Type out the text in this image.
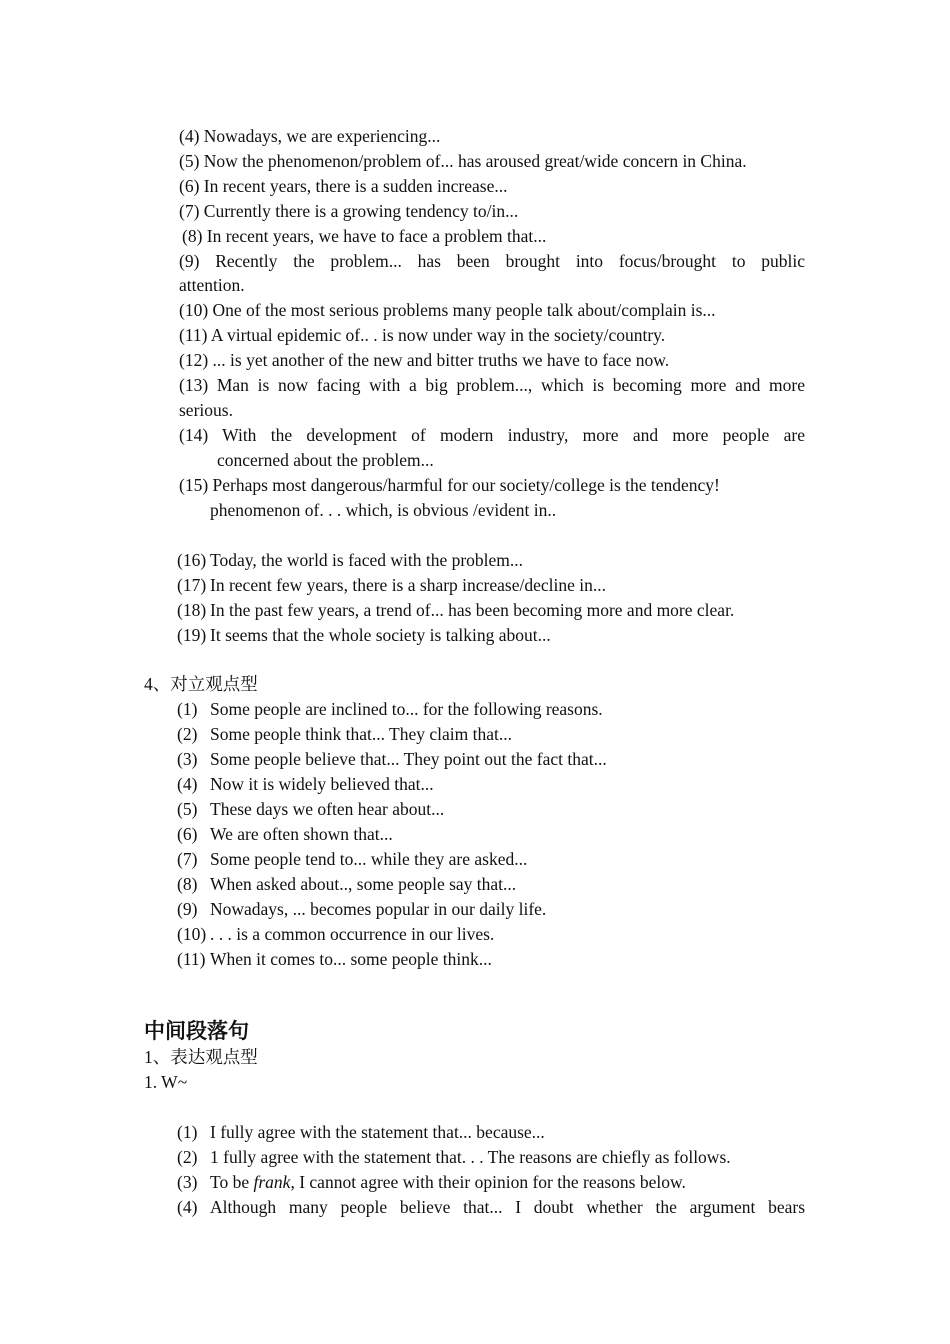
(4) Nowadays, we are experiencing...
(5) Now the phenomenon/problem of... has aroused great/wide concern in China.
(6) In recent years, there is a sudden increase...
(7) Currently there is a growing tendency to/in...
(8) In recent years, we have to face a problem that...
(9) Recently the problem... has been brought into focus/brought to public
attention.
(10) One of the most serious problems many people talk about/complain is...
(11) A virtual epidemic of.. . is now under way in the society/country.
(12) ... is yet another of the new and bitter truths we have to face now.
(13) Man is now facing with a big problem..., which is becoming more and more
serious.
(14) With the development of modern industry, more and more people are
concerned about the problem...
(15) Perhaps most dangerous/harmful for our society/college is the tendency!
phenomenon of. . . which, is obvious /evident in..
(16) Today, the world is faced with the problem...
(17) In recent few years, there is a sharp increase/decline in...
(18) In the past few years, a trend of... has been becoming more and more clear.
(19) It seems that the whole society is talking about...
4、对立观点型
(1) Some people are inclined to... for the following reasons.
(2) Some people think that... They claim that...
(3) Some people believe that... They point out the fact that...
(4) Now it is widely believed that...
(5) These days we often hear about...
(6) We are often shown that...
(7) Some people tend to... while they are asked...
(8) When asked about.., some people say that...
(9) Nowadays, ... becomes popular in our daily life.
(10) . . . is a common occurrence in our lives.
(11) When it comes to... some people think...
中间段落句
1、表达观点型
1. W~
(1) I fully agree with the statement that... because...
(2) 1 fully agree with the statement that. . . The reasons are chiefly as follows.
(3) To be frank, I cannot agree with their opinion for the reasons below.
(4) Although many people believe that... I doubt whether the argument bears
